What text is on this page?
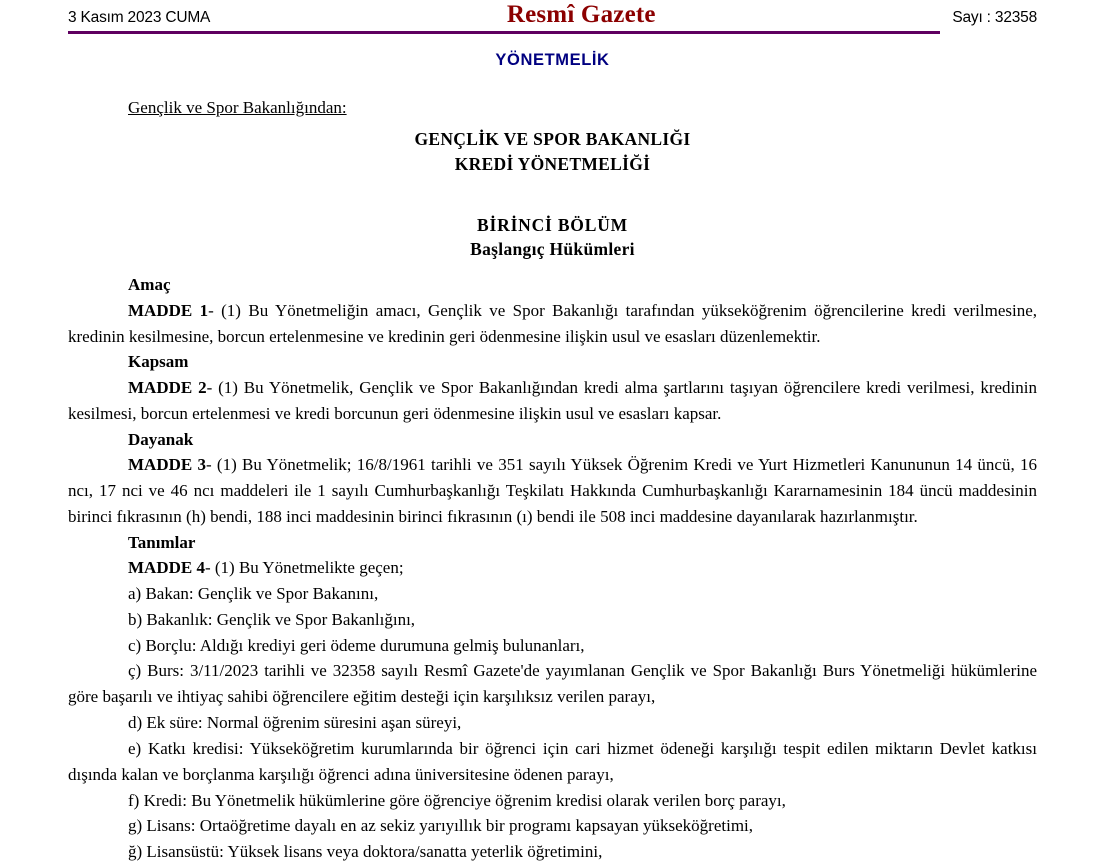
3 Kasım 2023 CUMA	Resmî Gazete	Sayı : 32358
YÖNETMELİK
Gençlik ve Spor Bakanlığından:
GENÇLİK VE SPOR BAKANLIĞI
KREDİ YÖNETMELİĞİ
BİRİNCİ BÖLÜM
Başlangıç Hükümleri
Amaç

MADDE 1- (1) Bu Yönetmeliğin amacı, Gençlik ve Spor Bakanlığı tarafından yükseköğrenim öğrencilerine kredi verilmesine, kredinin kesilmesine, borcun ertelenmesine ve kredinin geri ödenmesine ilişkin usul ve esasları düzenlemektir.

Kapsam

MADDE 2- (1) Bu Yönetmelik, Gençlik ve Spor Bakanlığından kredi alma şartlarını taşıyan öğrencilere kredi verilmesi, kredinin kesilmesi, borcun ertelenmesi ve kredi borcunun geri ödenmesine ilişkin usul ve esasları kapsar.

Dayanak

MADDE 3- (1) Bu Yönetmelik; 16/8/1961 tarihli ve 351 sayılı Yüksek Öğrenim Kredi ve Yurt Hizmetleri Kanununun 14 üncü, 16 ncı, 17 nci ve 46 ncı maddeleri ile 1 sayılı Cumhurbaşkanlığı Teşkilatı Hakkında Cumhurbaşkanlığı Kararnamesinin 184 üncü maddesinin birinci fıkrasının (h) bendi, 188 inci maddesinin birinci fıkrasının (ı) bendi ile 508 inci maddesine dayanılarak hazırlanmıştır.

Tanımlar

MADDE 4- (1) Bu Yönetmelikte geçen;

a) Bakan: Gençlik ve Spor Bakanını,

b) Bakanlık: Gençlik ve Spor Bakanlığını,

c) Borçlu: Aldığı krediyi geri ödeme durumuna gelmiş bulunanları,

ç) Burs: 3/11/2023 tarihli ve 32358 sayılı Resmî Gazete'de yayımlanan Gençlik ve Spor Bakanlığı Burs Yönetmeliği hükümlerine göre başarılı ve ihtiyaç sahibi öğrencilere eğitim desteği için karşılıksız verilen parayı,

d) Ek süre: Normal öğrenim süresini aşan süreyi,

e) Katkı kredisi: Yükseköğretim kurumlarında bir öğrenci için cari hizmet ödeneği karşılığı tespit edilen miktarın Devlet katkısı dışında kalan ve borçlanma karşılığı öğrenci adına üniversitesine ödenen parayı,

f) Kredi: Bu Yönetmelik hükümlerine göre öğrenciye öğrenim kredisi olarak verilen borç parayı,

g) Lisans: Ortaöğretime dayalı en az sekiz yarıyıllık bir programı kapsayan yükseköğretimi,

ğ) Lisansüstü: Yüksek lisans veya doktora/sanatta yeterlik öğretimini,
